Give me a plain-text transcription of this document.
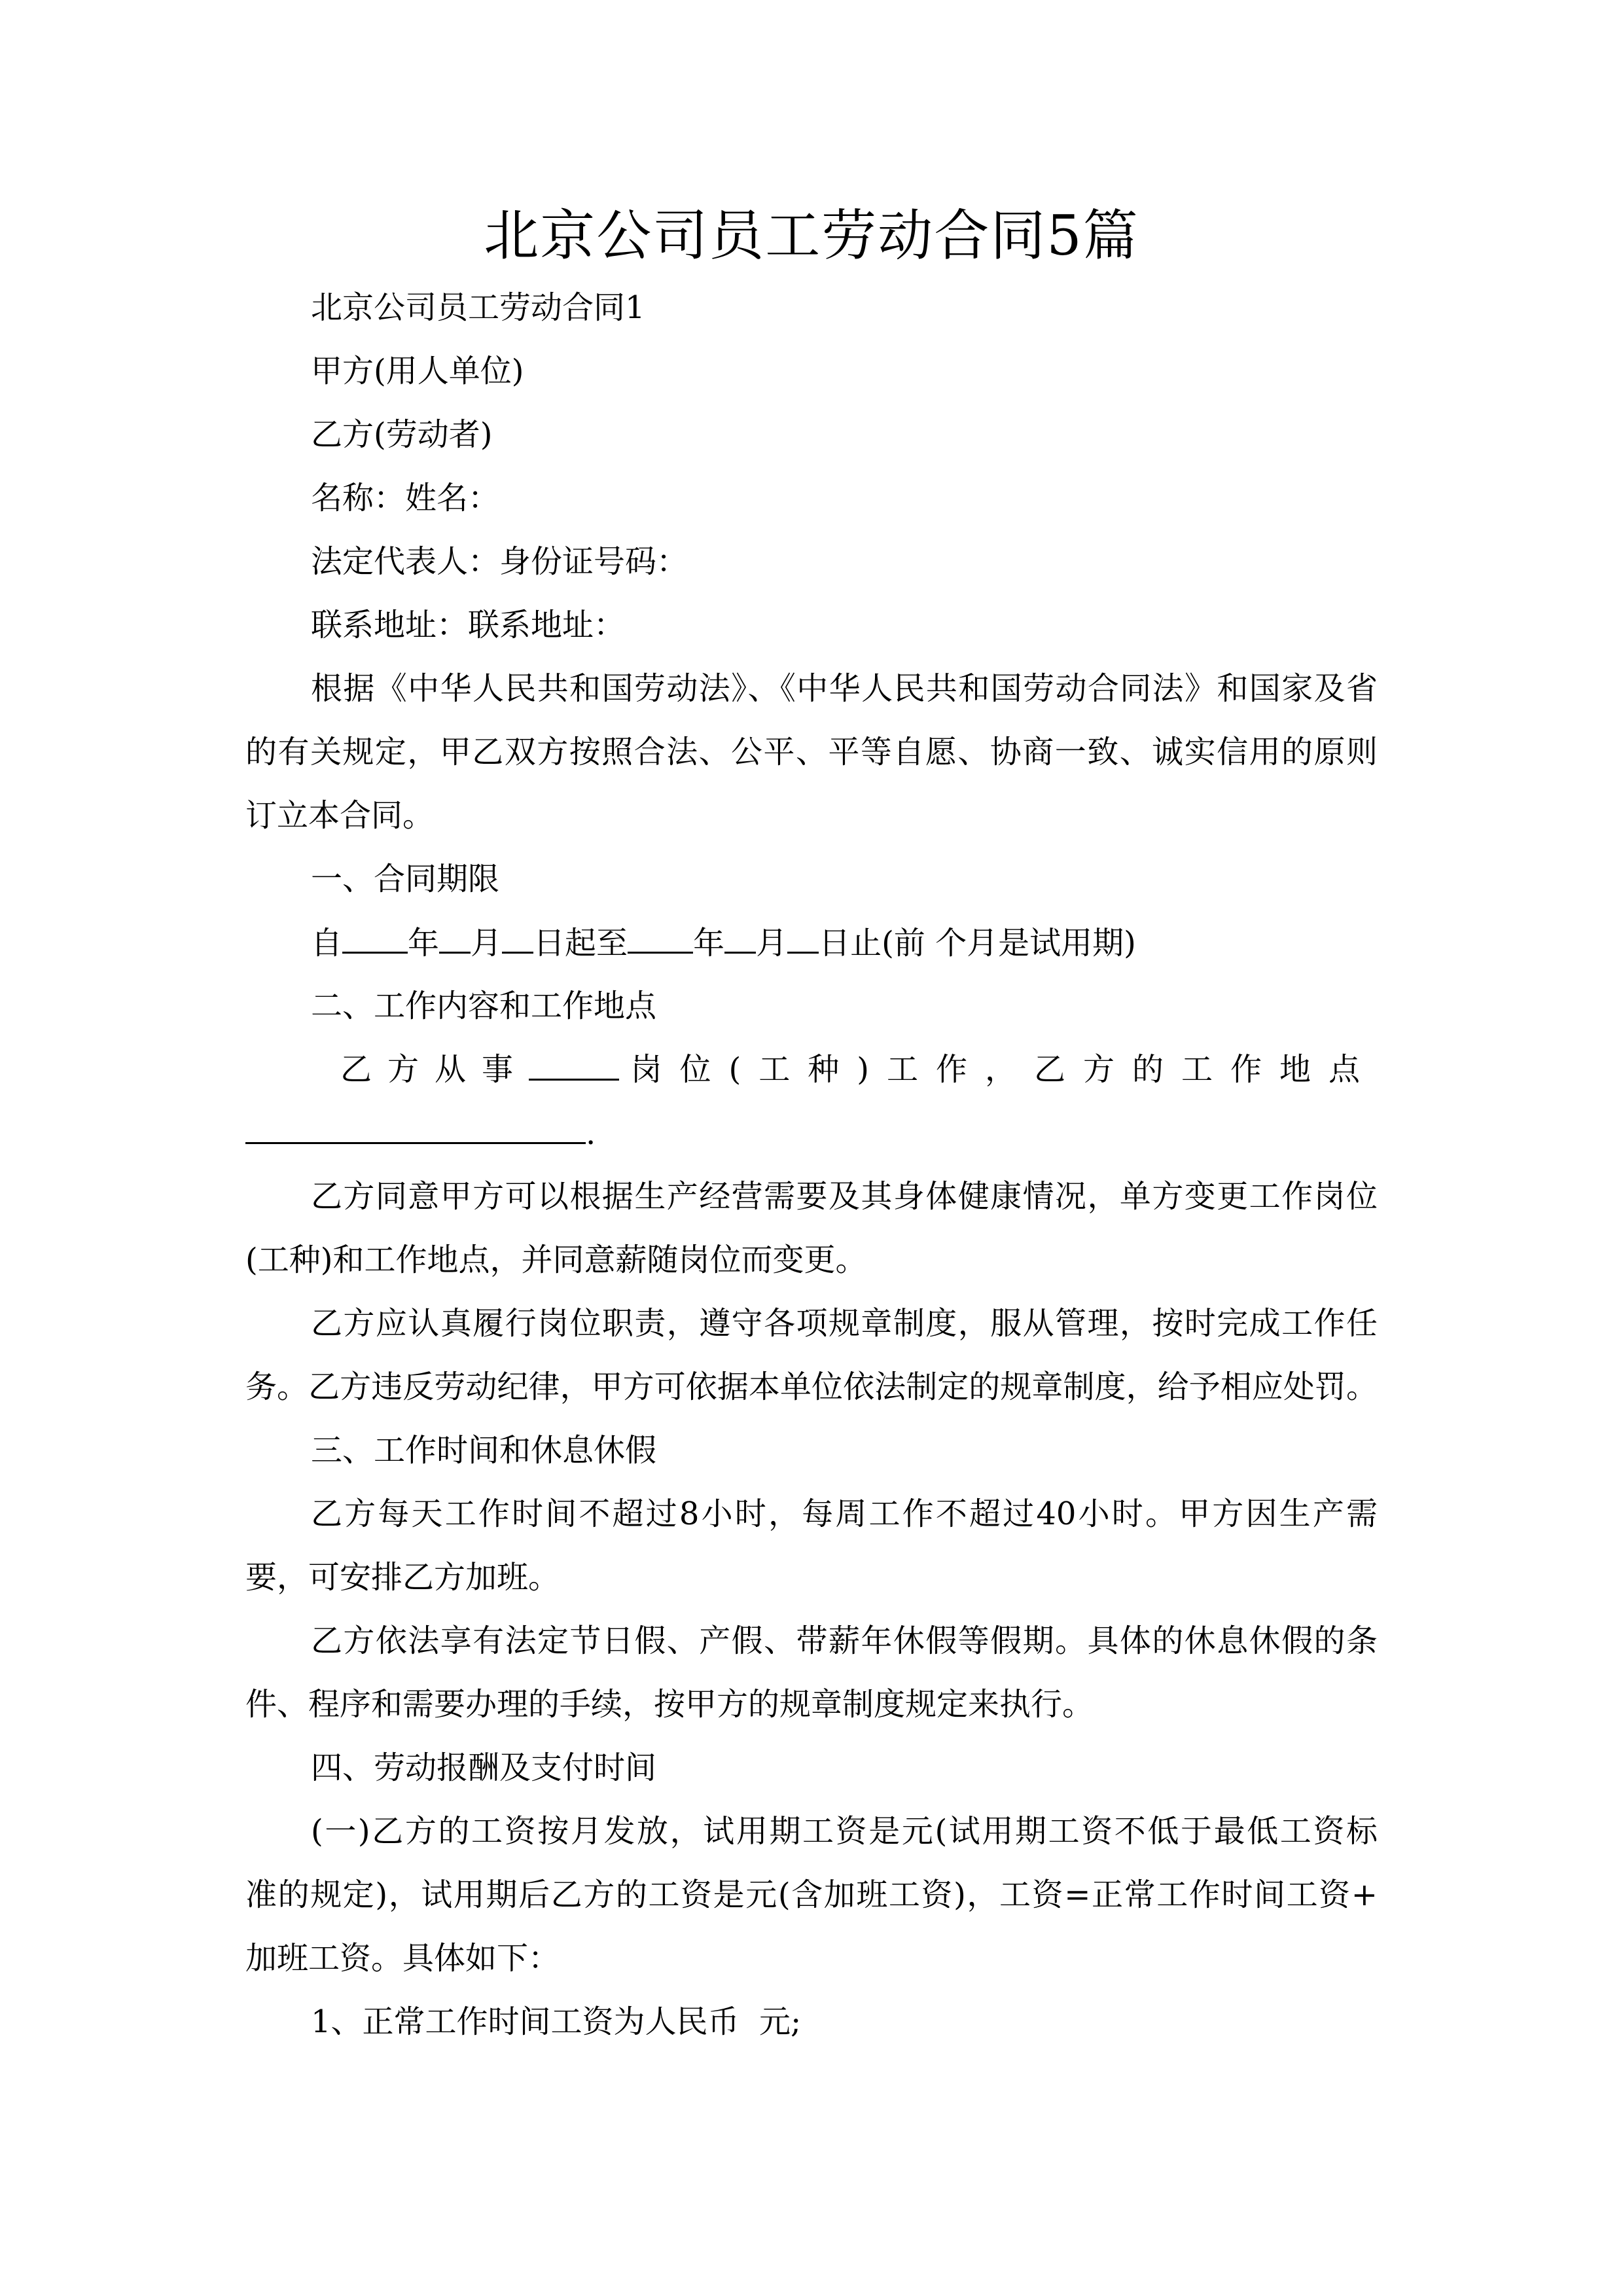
北京公司员工劳动合同5篇
北京公司员工劳动合同1
甲方(用人单位)
乙方(劳动者)
名称：姓名：
法定代表人：身份证号码：
联系地址：联系地址：
根据《中华人民共和国劳动法》、《中华人民共和国劳动合同法》和国家及省
的有关规定，甲乙双方按照合法、公平、平等自愿、协商一致、诚实信用的原则
订立本合同。
一、合同期限
自 年 月 日起至 年 月 日止(前 个月是试用期)
二、工作内容和工作地点
乙方从事	岗位(工种)工作，乙方的工作地点
.
乙方同意甲方可以根据生产经营需要及其身体健康情况，单方变更工作岗位
(工种)和工作地点，并同意薪随岗位而变更。
乙方应认真履行岗位职责，遵守各项规章制度，服从管理，按时完成工作任
务。乙方违反劳动纪律，甲方可依据本单位依法制定的规章制度，给予相应处罚。
三、工作时间和休息休假
乙方每天工作时间不超过8小时，每周工作不超过40小时。甲方因生产需
要，可安排乙方加班。
乙方依法享有法定节日假、产假、带薪年休假等假期。具体的休息休假的条
件、程序和需要办理的手续，按甲方的规章制度规定来执行。
四、劳动报酬及支付时间
(一)乙方的工资按月发放，试用期工资是元(试用期工资不低于最低工资标
准的规定)，试用期后乙方的工资是元(含加班工资)，工资=正常工作时间工资+
加班工资。具体如下：
1、正常工作时间工资为人民币  元;
